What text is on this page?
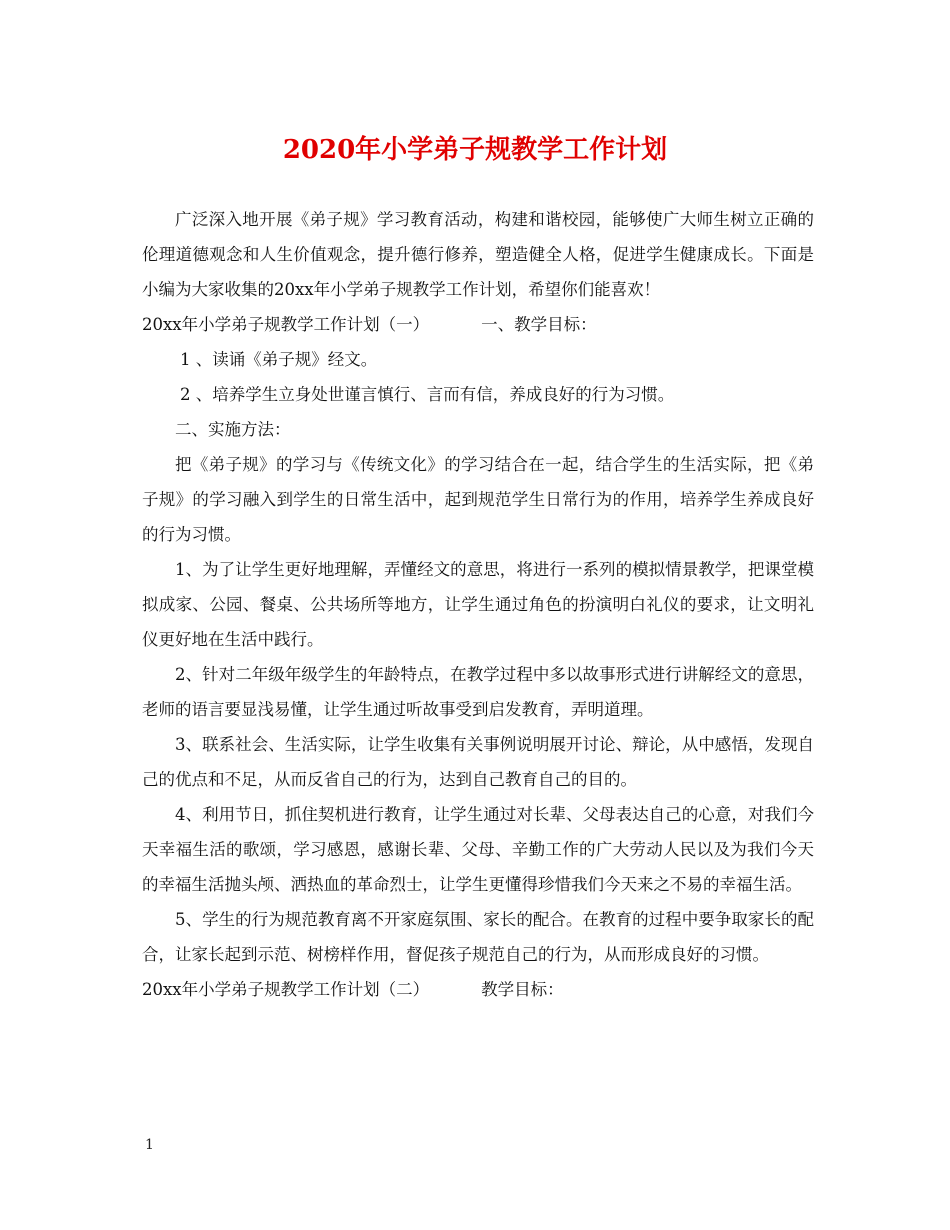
2020年小学弟子规教学工作计划

广泛深入地开展《弟子规》学习教育活动，构建和谐校园，能够使广大师生树立正确的伦理道德观念和人生价值观念，提升德行修养，塑造健全人格，促进学生健康成长。下面是小编为大家收集的20xx年小学弟子规教学工作计划，希望你们能喜欢！

20xx年小学弟子规教学工作计划（一）	一、教学目标：

1 、读诵《弟子规》经文。

2 、培养学生立身处世谨言慎行、言而有信，养成良好的行为习惯。

二、实施方法：

把《弟子规》的学习与《传统文化》的学习结合在一起，结合学生的生活实际，把《弟子规》的学习融入到学生的日常生活中，起到规范学生日常行为的作用，培养学生养成良好的行为习惯。

1、为了让学生更好地理解，弄懂经文的意思，将进行一系列的模拟情景教学，把课堂模拟成家、公园、餐桌、公共场所等地方，让学生通过角色的扮演明白礼仪的要求，让文明礼仪更好地在生活中践行。

2、针对二年级年级学生的年龄特点，在教学过程中多以故事形式进行讲解经文的意思，老师的语言要显浅易懂，让学生通过听故事受到启发教育，弄明道理。

3、联系社会、生活实际，让学生收集有关事例说明展开讨论、辩论，从中感悟，发现自己的优点和不足，从而反省自己的行为，达到自己教育自己的目的。

4、利用节日，抓住契机进行教育，让学生通过对长辈、父母表达自己的心意，对我们今天幸福生活的歌颂，学习感恩，感谢长辈、父母、辛勤工作的广大劳动人民以及为我们今天的幸福生活抛头颅、洒热血的革命烈士，让学生更懂得珍惜我们今天来之不易的幸福生活。

5、学生的行为规范教育离不开家庭氛围、家长的配合。在教育的过程中要争取家长的配合，让家长起到示范、树榜样作用，督促孩子规范自己的行为，从而形成良好的习惯。

20xx年小学弟子规教学工作计划（二）	教学目标：

1
